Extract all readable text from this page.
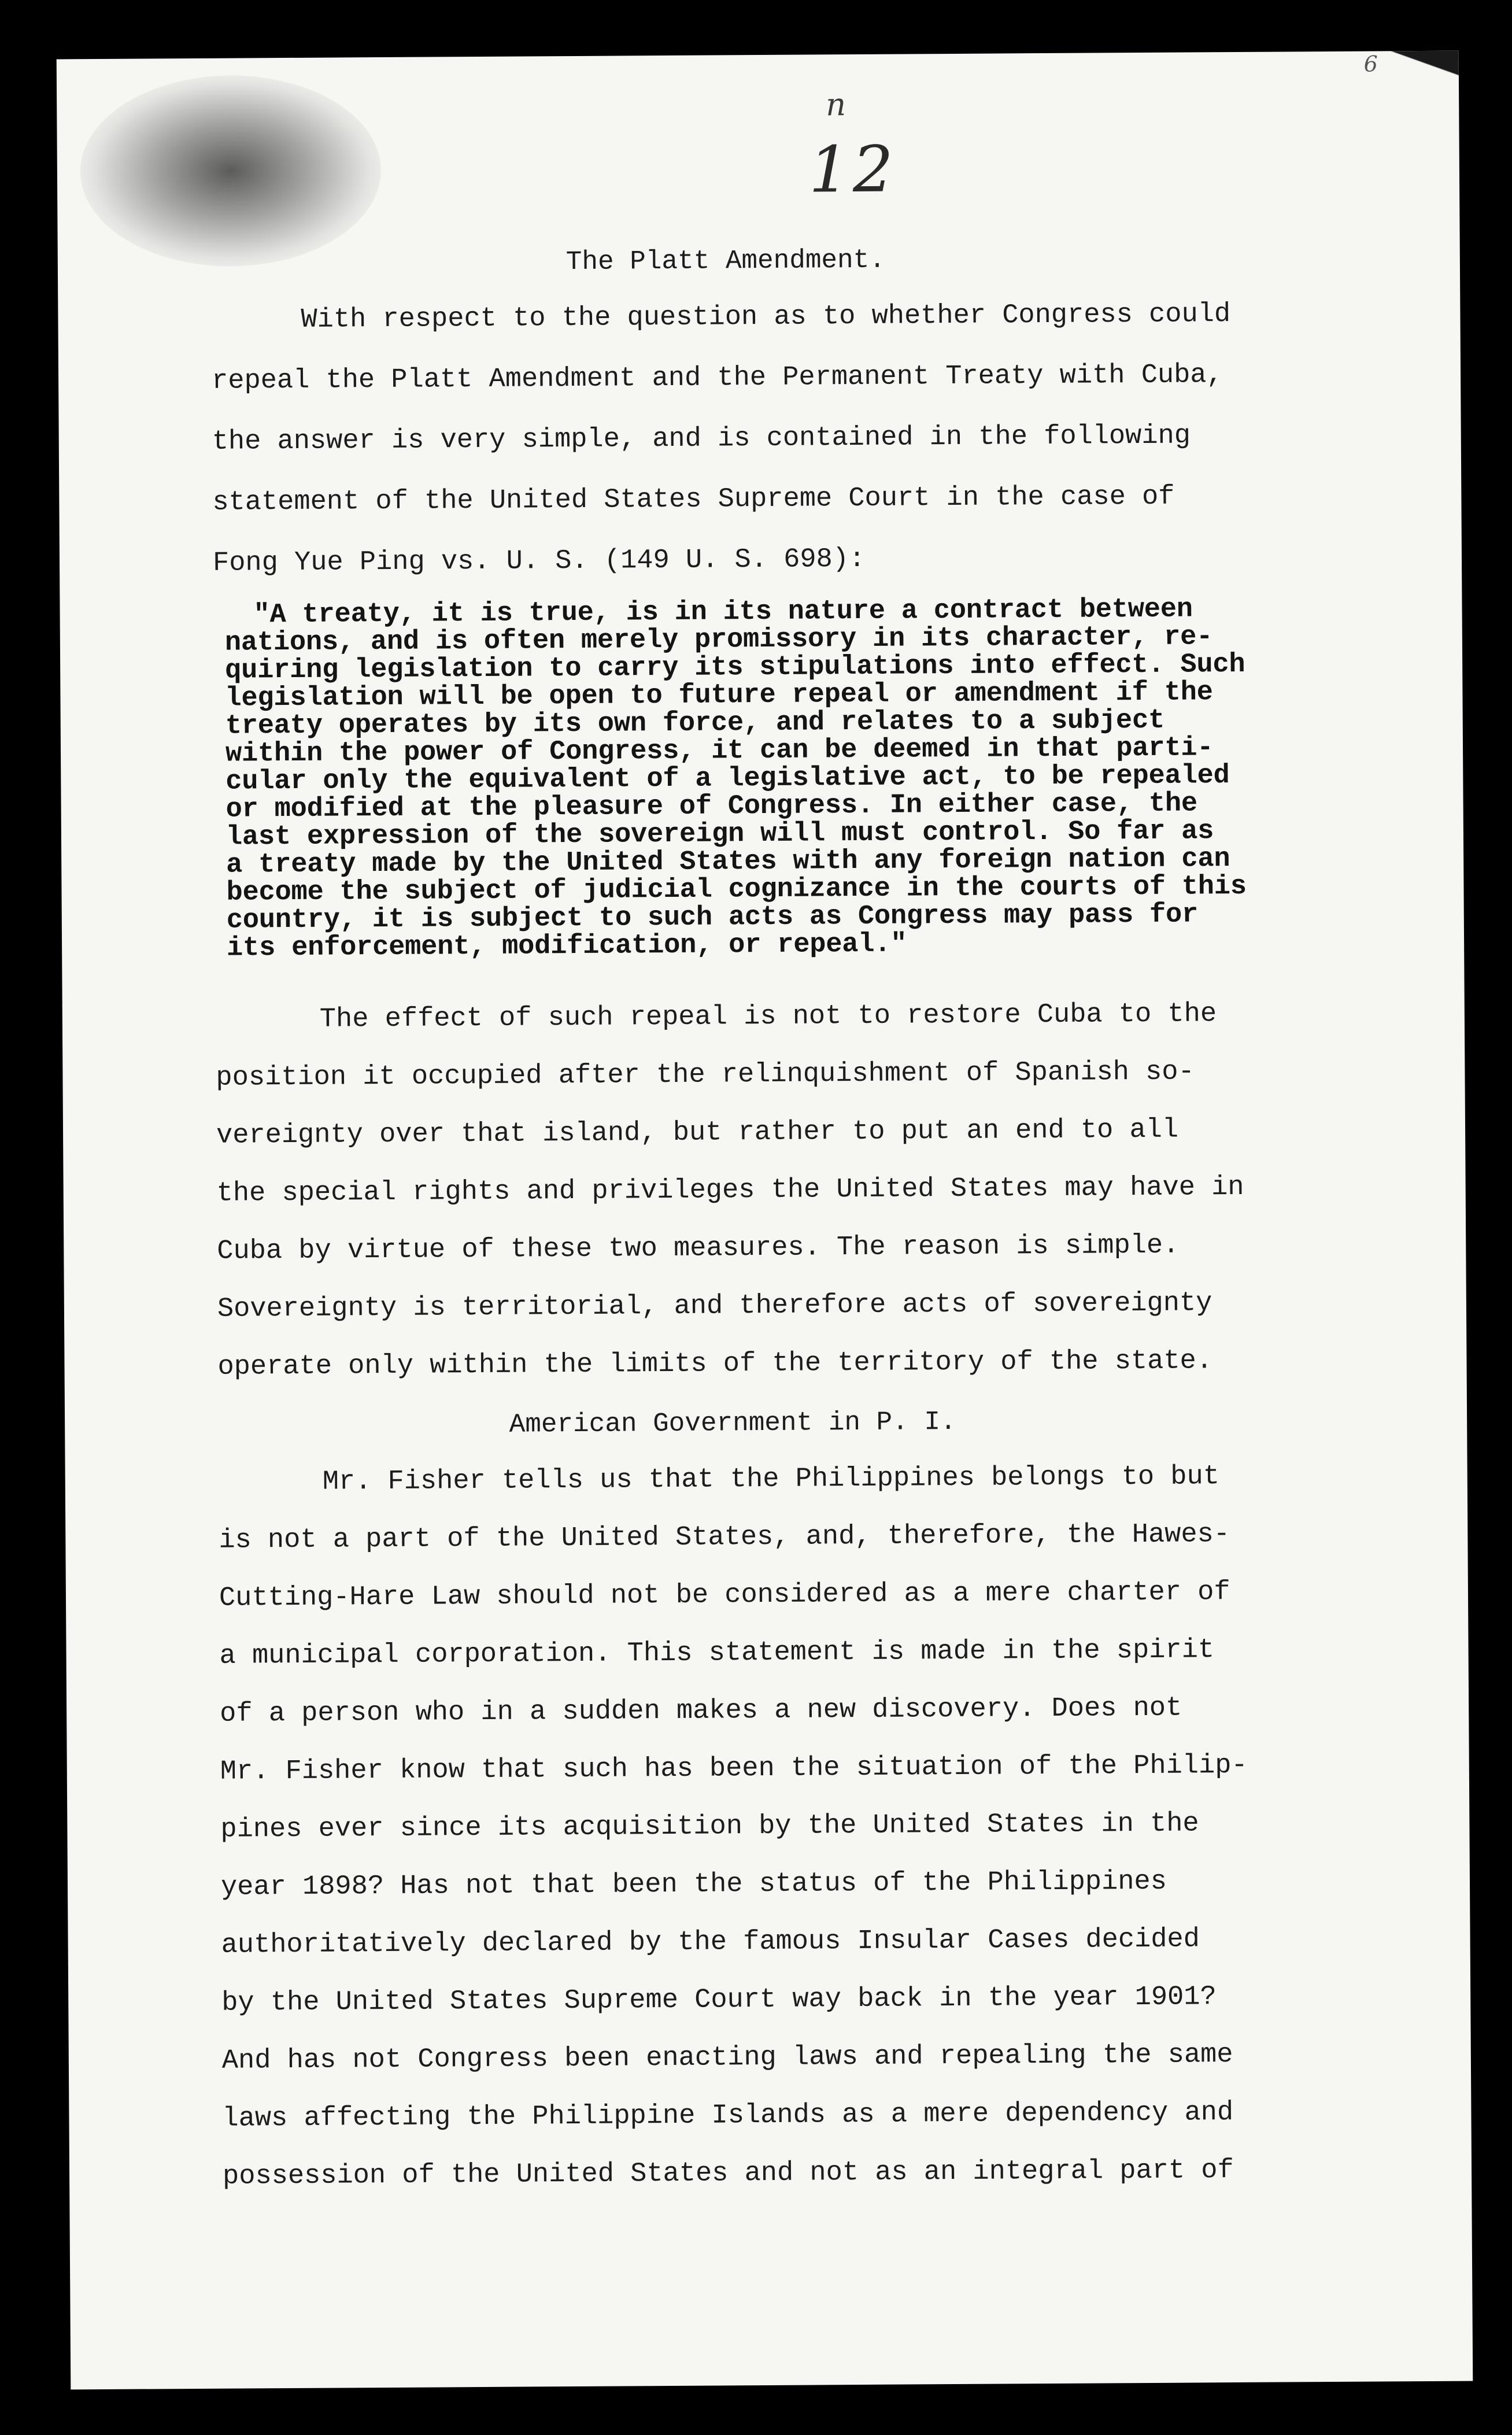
n
12
6
The Platt Amendment.
With respect to the question as to whether Congress could
repeal the Platt Amendment and the Permanent Treaty with Cuba,
the answer is very simple, and is contained in the following
statement of the United States Supreme Court in the case of
Fong Yue Ping vs. U. S. (149 U. S. 698):
"A treaty, it is true, is in its nature a contract between
nations, and is often merely promissory in its character, re-
quiring legislation to carry its stipulations into effect. Such
legislation will be open to future repeal or amendment if the
treaty operates by its own force, and relates to a subject
within the power of Congress, it can be deemed in that parti-
cular only the equivalent of a legislative act, to be repealed
or modified at the pleasure of Congress. In either case, the
last expression of the sovereign will must control. So far as
a treaty made by the United States with any foreign nation can
become the subject of judicial cognizance in the courts of this
country, it is subject to such acts as Congress may pass for
its enforcement, modification, or repeal."
The effect of such repeal is not to restore Cuba to the
position it occupied after the relinquishment of Spanish so-
vereignty over that island, but rather to put an end to all
the special rights and privileges the United States may have in
Cuba by virtue of these two measures. The reason is simple.
Sovereignty is territorial, and therefore acts of sovereignty
operate only within the limits of the territory of the state.
American Government in P. I.
Mr. Fisher tells us that the Philippines belongs to but
is not a part of the United States, and, therefore, the Hawes-
Cutting-Hare Law should not be considered as a mere charter of
a municipal corporation. This statement is made in the spirit
of a person who in a sudden makes a new discovery. Does not
Mr. Fisher know that such has been the situation of the Philip-
pines ever since its acquisition by the United States in the
year 1898? Has not that been the status of the Philippines
authoritatively declared by the famous Insular Cases decided
by the United States Supreme Court way back in the year 1901?
And has not Congress been enacting laws and repealing the same
laws affecting the Philippine Islands as a mere dependency and
possession of the United States and not as an integral part of
